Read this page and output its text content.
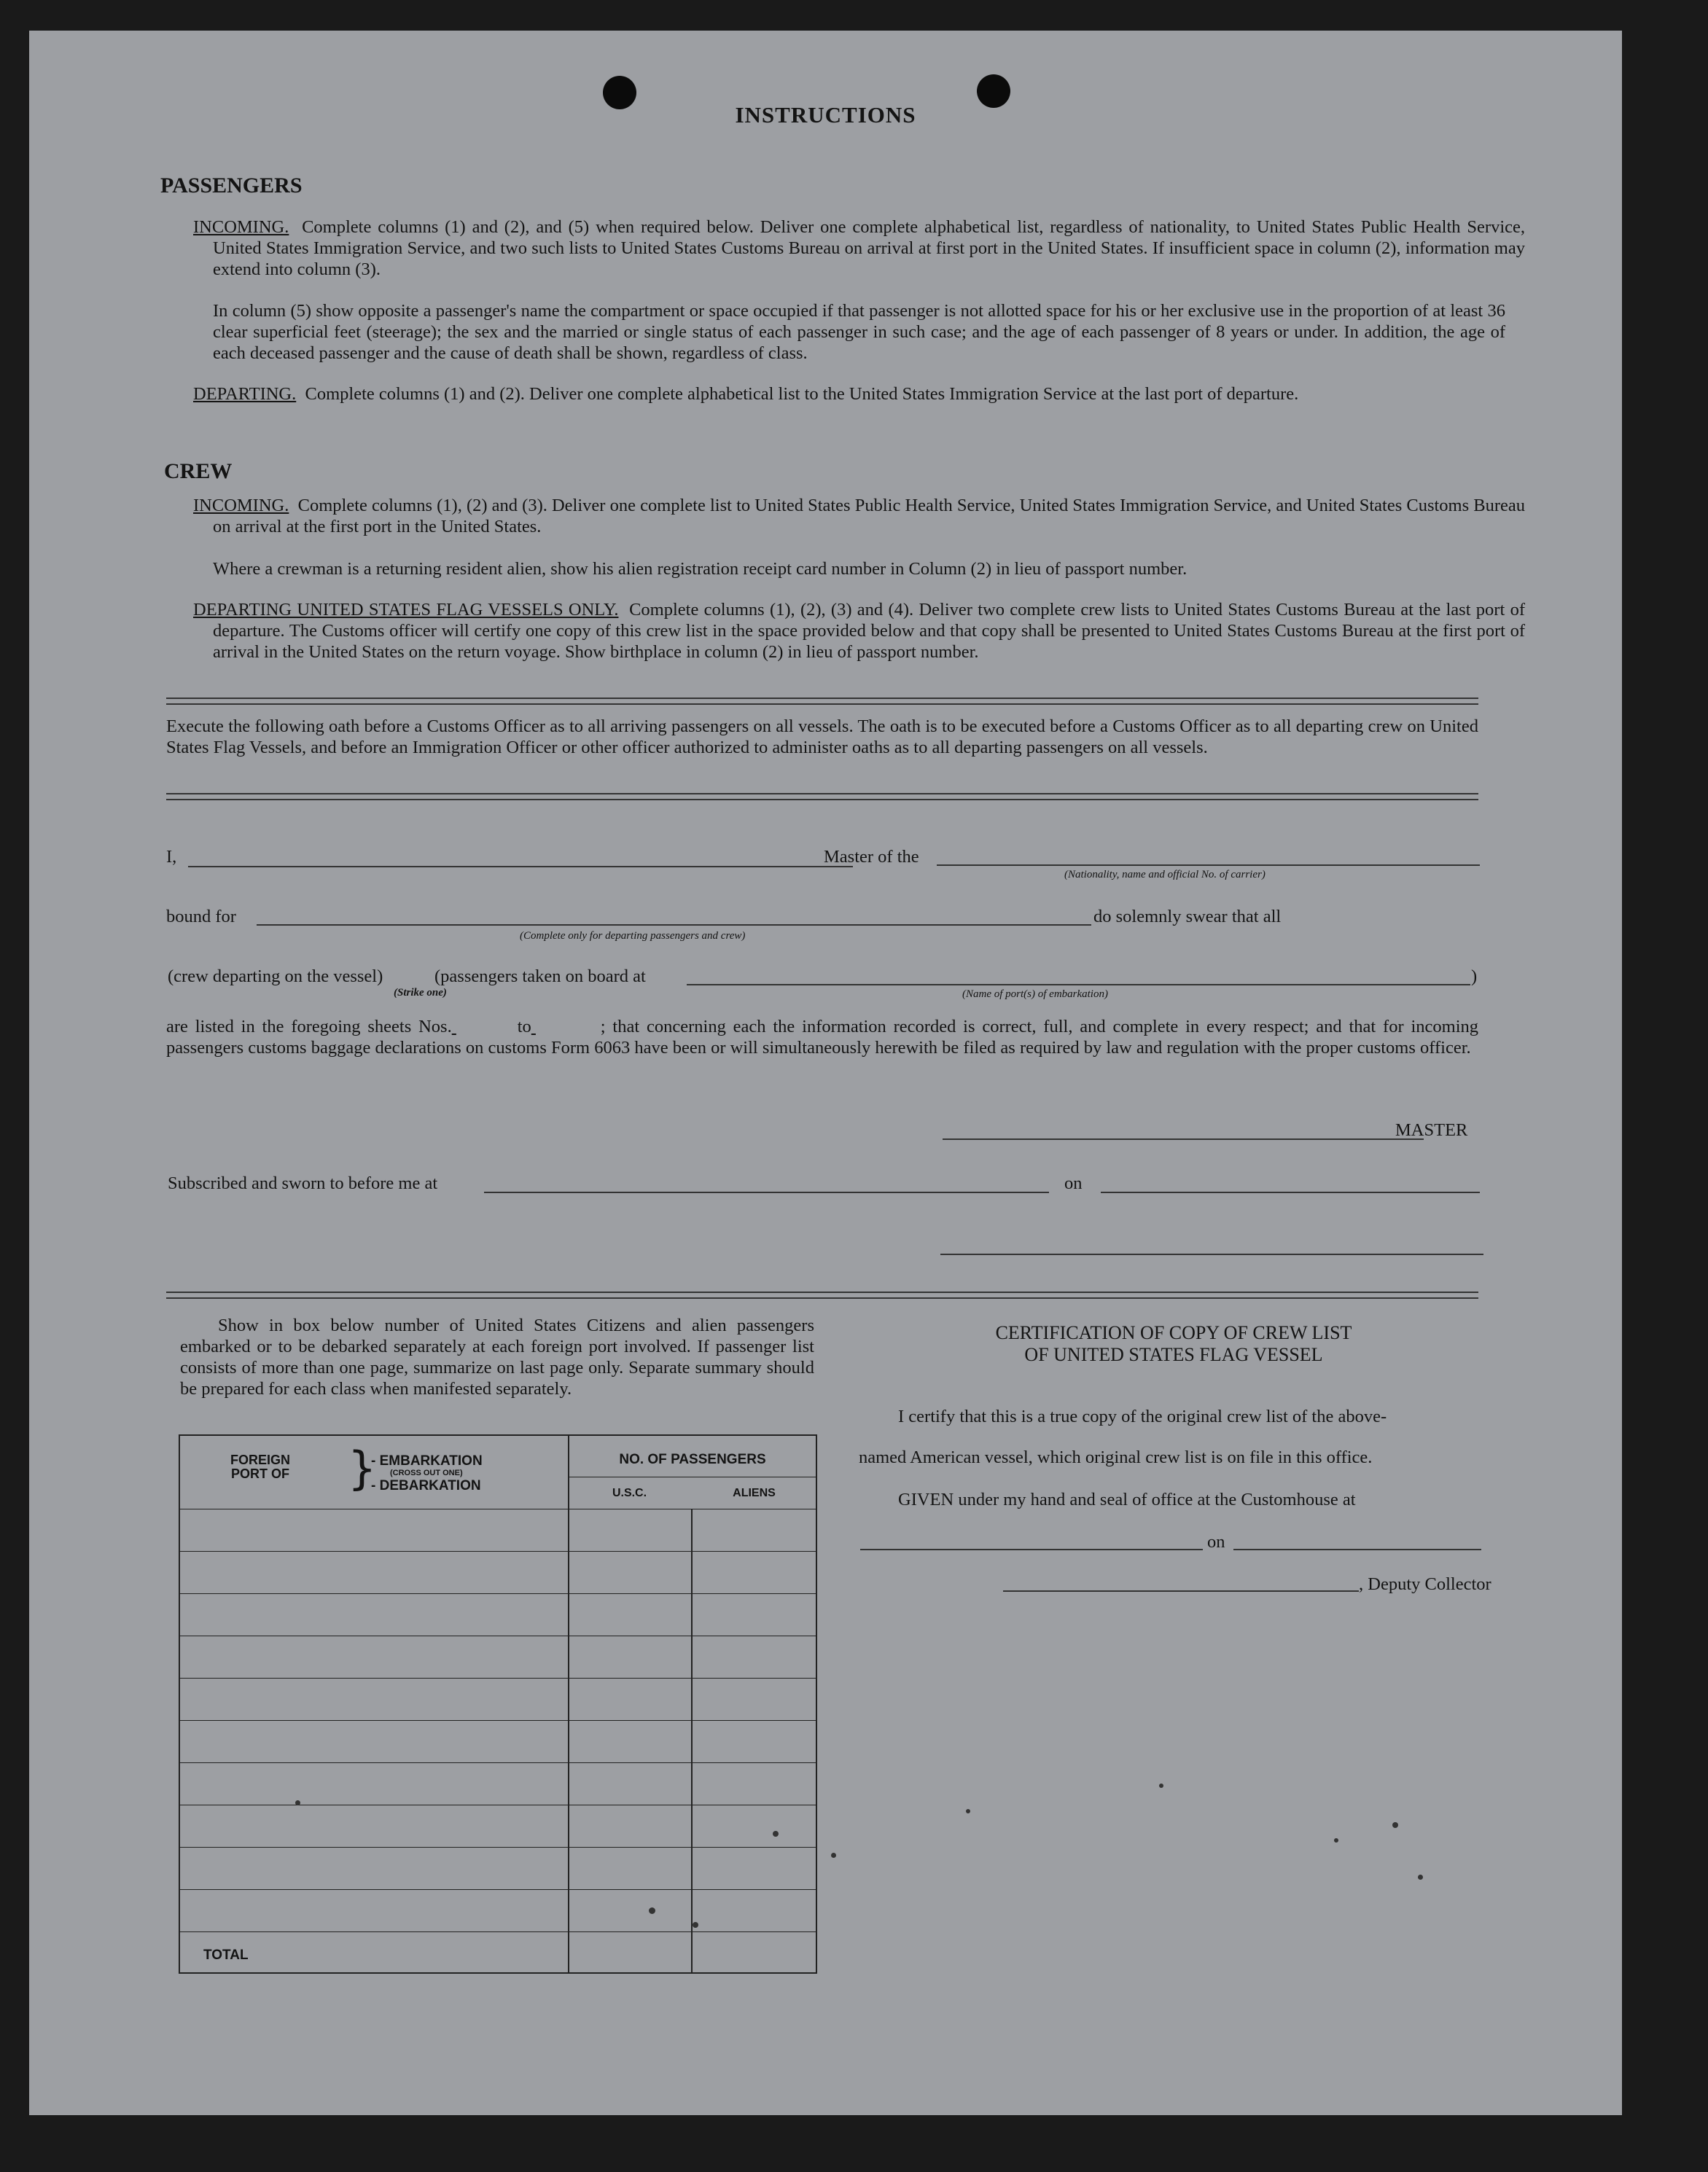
INSTRUCTIONS
PASSENGERS
INCOMING. Complete columns (1) and (2), and (5) when required below. Deliver one complete alphabetical list, regardless of nationality, to United States Public Health Service, United States Immigration Service, and two such lists to United States Customs Bureau on arrival at first port in the United States. If insufficient space in column (2), information may extend into column (3).
In column (5) show opposite a passenger's name the compartment or space occupied if that passenger is not allotted space for his or her exclusive use in the proportion of at least 36 clear superficial feet (steerage); the sex and the married or single status of each passenger in such case; and the age of each passenger of 8 years or under. In addition, the age of each deceased passenger and the cause of death shall be shown, regardless of class.
DEPARTING. Complete columns (1) and (2). Deliver one complete alphabetical list to the United States Immigration Service at the last port of departure.
CREW
INCOMING. Complete columns (1), (2) and (3). Deliver one complete list to United States Public Health Service, United States Immigration Service, and United States Customs Bureau on arrival at the first port in the United States.
Where a crewman is a returning resident alien, show his alien registration receipt card number in Column (2) in lieu of passport number.
DEPARTING UNITED STATES FLAG VESSELS ONLY. Complete columns (1), (2), (3) and (4). Deliver two complete crew lists to United States Customs Bureau at the last port of departure. The Customs officer will certify one copy of this crew list in the space provided below and that copy shall be presented to United States Customs Bureau at the first port of arrival in the United States on the return voyage. Show birthplace in column (2) in lieu of passport number.
Execute the following oath before a Customs Officer as to all arriving passengers on all vessels. The oath is to be executed before a Customs Officer as to all departing crew on United States Flag Vessels, and before an Immigration Officer or other officer authorized to administer oaths as to all departing passengers on all vessels.
I,	Master of the
(Nationality, name and official No. of carrier)
bound for
(Complete only for departing passengers and crew)
do solemnly swear that all
(crew departing on the vessel)
(Strike one)
(passengers taken on board at
(Name of port(s) of embarkation)
)
are listed in the foregoing sheets Nos.	to	; that concerning each the information recorded is correct, full, and complete in every respect; and that for incoming passengers customs baggage declarations on customs Form 6063 have been or will simultaneously herewith be filed as required by law and regulation with the proper customs officer.
MASTER
Subscribed and sworn to before me at	on
Show in box below number of United States Citizens and alien passengers embarked or to be debarked separately at each foreign port involved. If passenger list consists of more than one page, summarize on last page only. Separate summary should be prepared for each class when manifested separately.
FOREIGN PORT OF }
- EMBARKATION
(CROSS OUT ONE)
- DEBARKATION
NO. OF PASSENGERS
U.S.C.	ALIENS
TOTAL
CERTIFICATION OF COPY OF CREW LIST
OF UNITED STATES FLAG VESSEL
I certify that this is a true copy of the original crew list of the above-
named American vessel, which original crew list is on file in this office.
GIVEN under my hand and seal of office at the Customhouse at
on
, Deputy Collector
